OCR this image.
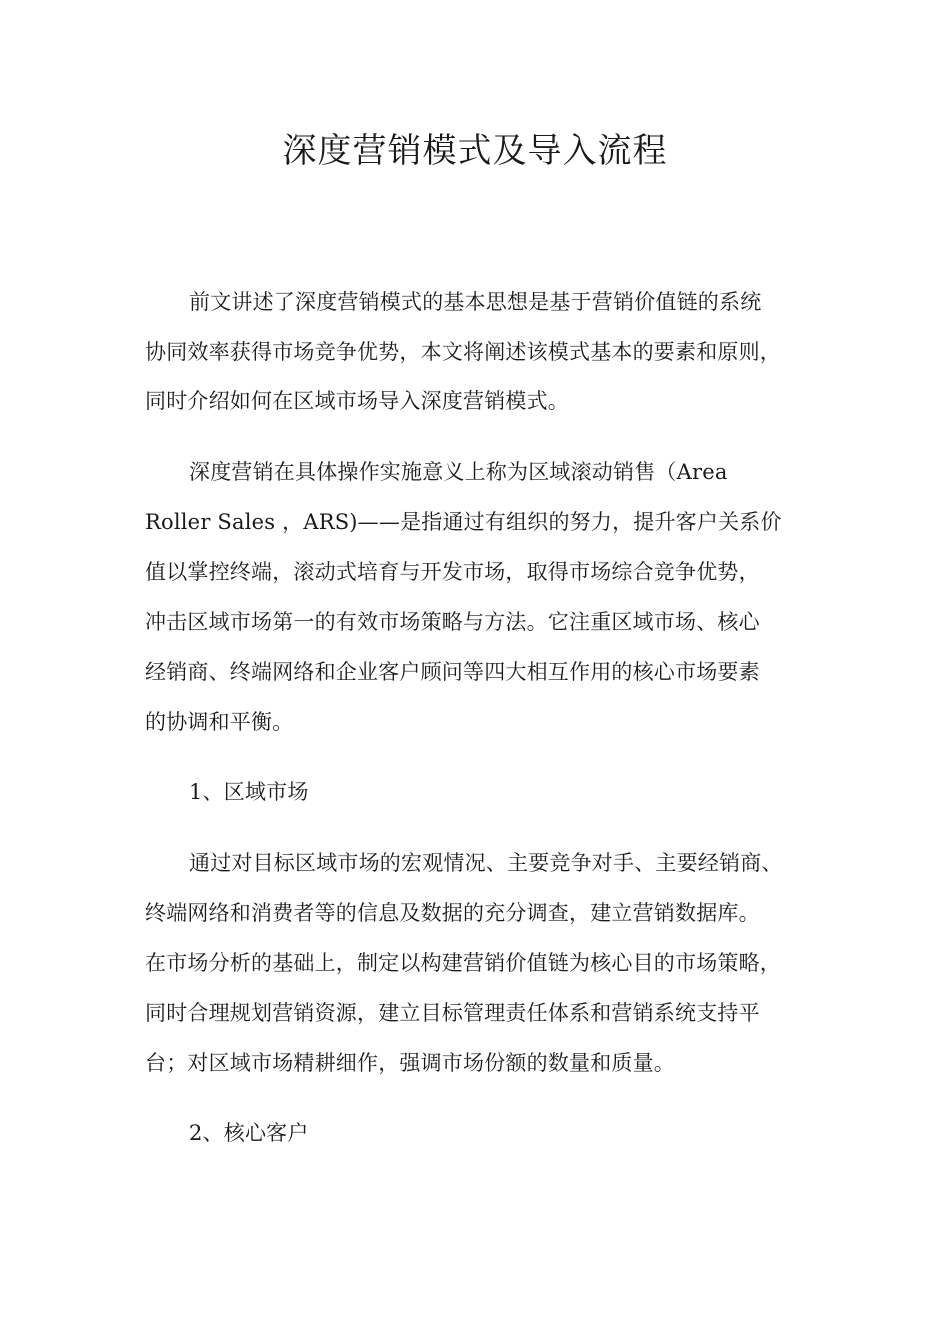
深度营销模式及导入流程
前文讲述了深度营销模式的基本思想是基于营销价值链的系统
协同效率获得市场竞争优势，本文将阐述该模式基本的要素和原则，
同时介绍如何在区域市场导入深度营销模式。
深度营销在具体操作实施意义上称为区域滚动销售（Area
Roller Sales ，ARS)——是指通过有组织的努力，提升客户关系价
值以掌控终端，滚动式培育与开发市场，取得市场综合竞争优势，
冲击区域市场第一的有效市场策略与方法。它注重区域市场、核心
经销商、终端网络和企业客户顾问等四大相互作用的核心市场要素
的协调和平衡。
1、区域市场
通过对目标区域市场的宏观情况、主要竞争对手、主要经销商、
终端网络和消费者等的信息及数据的充分调查，建立营销数据库。
在市场分析的基础上，制定以构建营销价值链为核心目的市场策略，
同时合理规划营销资源，建立目标管理责任体系和营销系统支持平
台；对区域市场精耕细作，强调市场份额的数量和质量。
2、核心客户
